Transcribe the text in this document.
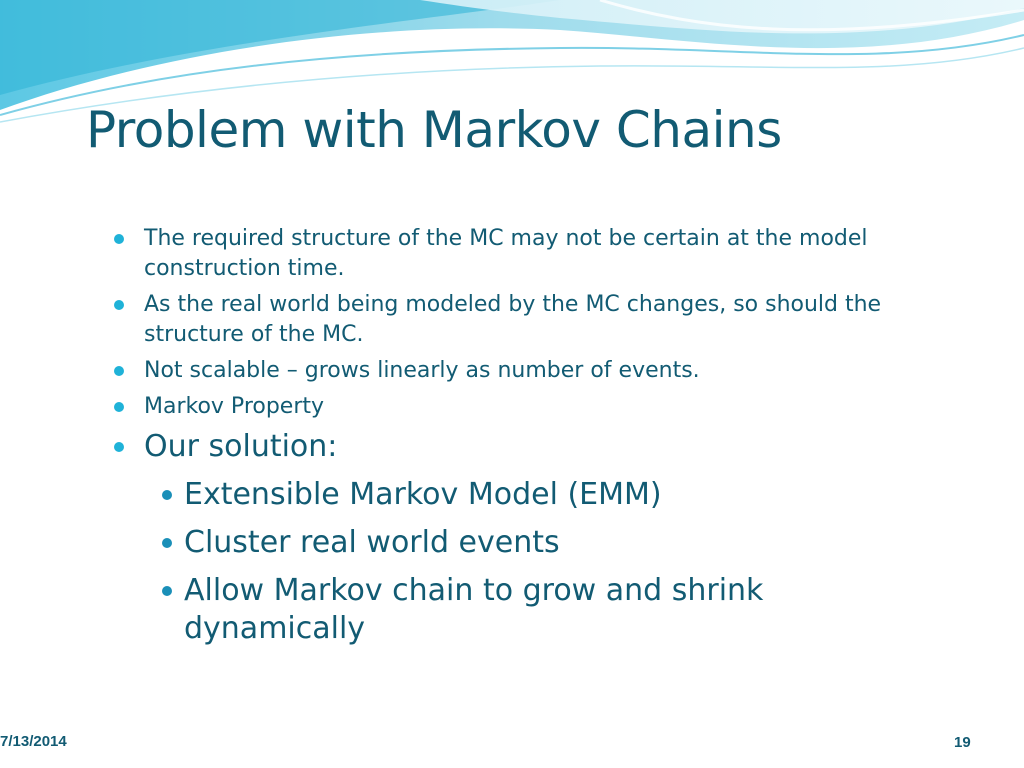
Problem with Markov Chains
The required structure of the MC may not be certain at the model construction time.
As the real world being modeled by the MC changes, so should the structure of the MC.
Not scalable – grows linearly as number of events.
Markov Property
Our solution:
Extensible Markov Model (EMM)
Cluster real world events
Allow Markov chain to grow and shrink dynamically
7/13/2014	19
